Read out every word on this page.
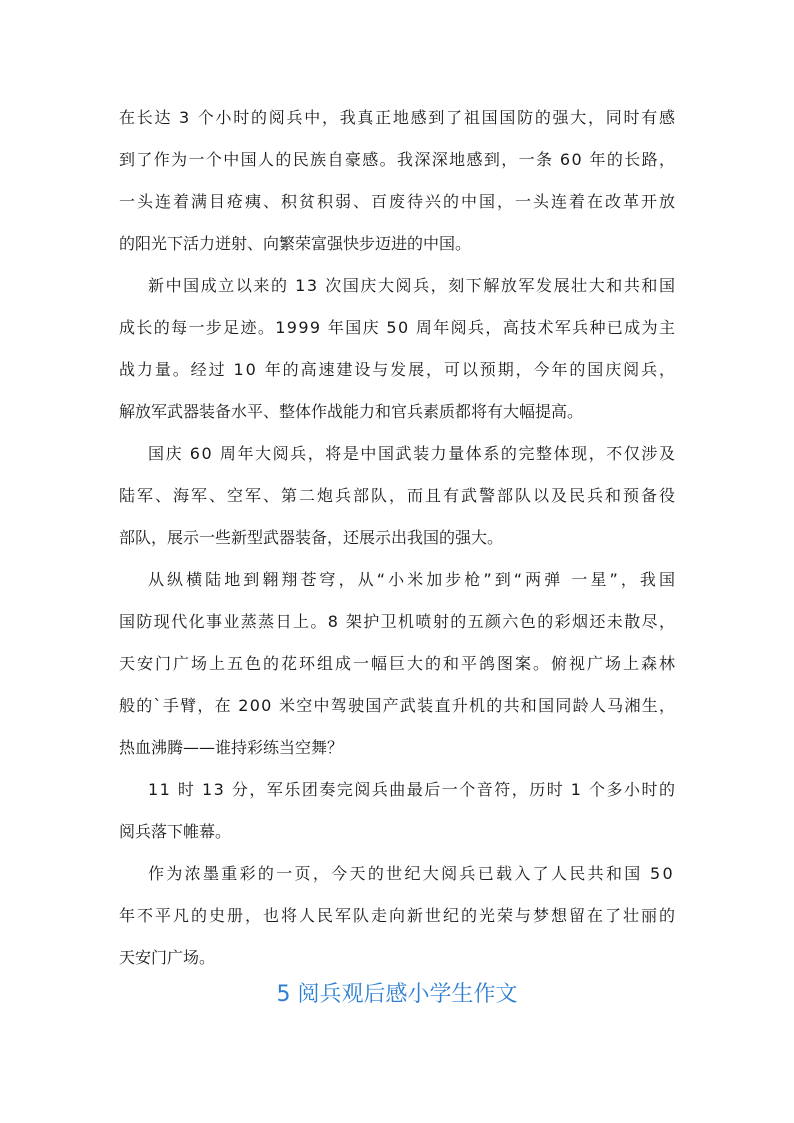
在长达 3 个小时的阅兵中，我真正地感到了祖国国防的强大，同时有感
到了作为一个中国人的民族自豪感。我深深地感到，一条 60 年的长路，
一头连着满目疮痍、积贫积弱、百废待兴的中国，一头连着在改革开放
的阳光下活力迸射、向繁荣富强快步迈进的中国。
新中国成立以来的 13 次国庆大阅兵，刻下解放军发展壮大和共和国
成长的每一步足迹。1999 年国庆 50 周年阅兵，高技术军兵种已成为主
战力量。经过 10 年的高速建设与发展，可以预期，今年的国庆阅兵，
解放军武器装备水平、整体作战能力和官兵素质都将有大幅提高。
国庆 60 周年大阅兵，将是中国武装力量体系的完整体现，不仅涉及
陆军、海军、空军、第二炮兵部队，而且有武警部队以及民兵和预备役
部队，展示一些新型武器装备，还展示出我国的强大。
从纵横陆地到翱翔苍穹，从“小米加步枪”到“两弹 一星”，我国
国防现代化事业蒸蒸日上。8 架护卫机喷射的五颜六色的彩烟还未散尽，
天安门广场上五色的花环组成一幅巨大的和平鸽图案。俯视广场上森林
般的`手臂，在 200 米空中驾驶国产武装直升机的共和国同龄人马湘生，
热血沸腾——谁持彩练当空舞？
11 时 13 分，军乐团奏完阅兵曲最后一个音符，历时 1 个多小时的
阅兵落下帷幕。
作为浓墨重彩的一页，今天的世纪大阅兵已载入了人民共和国 50
年不平凡的史册，也将人民军队走向新世纪的光荣与梦想留在了壮丽的
天安门广场。
5 阅兵观后感小学生作文
